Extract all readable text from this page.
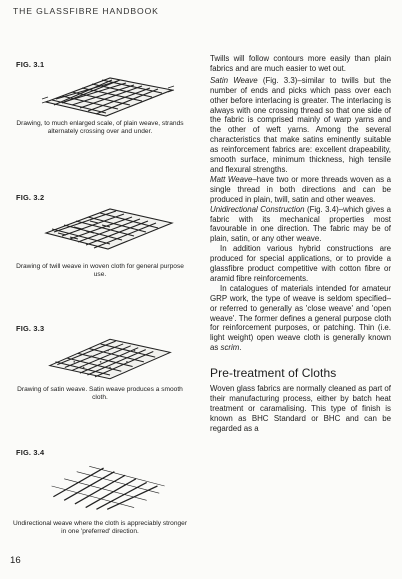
THE GLASSFIBRE HANDBOOK
FIG. 3.1
Drawing, to much enlarged scale, of plain weave, strands alternately crossing over and under.
FIG. 3.2
Drawing of twill weave in woven cloth for general purpose use.
FIG. 3.3
Drawing of satin weave. Satin weave produces a smooth cloth.
FIG. 3.4
Undirectional weave where the cloth is appreciably stronger in one 'preferred' direction.

Twills will follow contours more easily than plain fabrics and are much easier to wet out.

Satin Weave (Fig. 3.3)–similar to twills but the number of ends and picks which pass over each other before interlacing is greater. The interlacing is always with one crossing thread so that one side of the fabric is comprised mainly of warp yarns and the other of weft yarns. Among the several characteristics that make satins eminently suitable as reinforcement fabrics are: excellent drapeability, smooth surface, minimum thickness, high tensile and flexural strengths.

Matt Weave–have two or more threads woven as a single thread in both directions and can be produced in plain, twill, satin and other weaves.

Unidirectional Construction (Fig. 3.4)–which gives a fabric with its mechanical properties most favourable in one direction. The fabric may be of plain, satin, or any other weave.

In addition various hybrid constructions are produced for special applications, or to provide a glassfibre product competitive with cotton fibre or aramid fibre reinforcements.

In catalogues of materials intended for amateur GRP work, the type of weave is seldom specified–or referred to generally as 'close weave' and 'open weave'. The former defines a general purpose cloth for reinforcement purposes, or patching. Thin (i.e. light weight) open weave cloth is generally known as scrim.

Pre-treatment of Cloths

Woven glass fabrics are normally cleaned as part of their manufacturing process, either by batch heat treatment or caramalising. This type of finish is known as BHC Standard or BHC and can be regarded as a

16
